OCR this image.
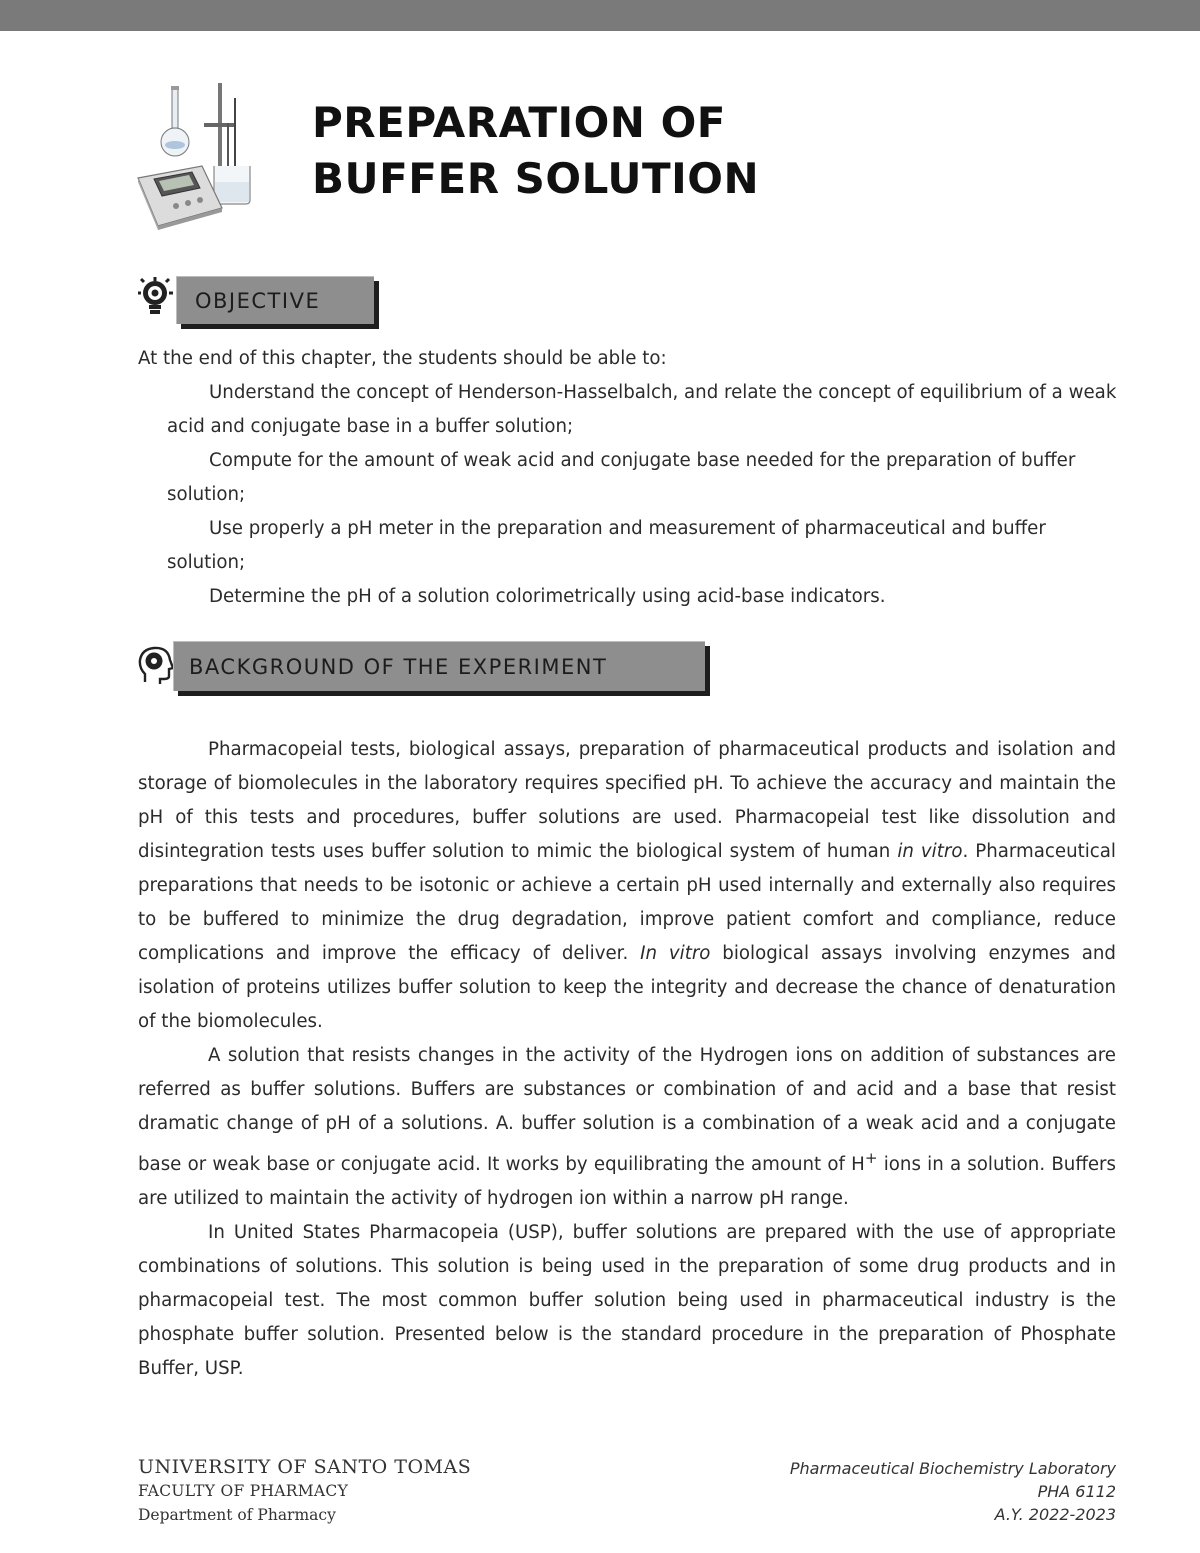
PREPARATION OF
BUFFER SOLUTION
OBJECTIVE
At the end of this chapter, the students should be able to:
Understand the concept of Henderson-Hasselbalch, and relate the concept of equilibrium of a weak acid and conjugate base in a buffer solution;
Compute for the amount of weak acid and conjugate base needed for the preparation of buffer solution;
Use properly a pH meter in the preparation and measurement of pharmaceutical and buffer solution;
Determine the pH of a solution colorimetrically using acid-base indicators.
BACKGROUND OF THE EXPERIMENT

Pharmacopeial tests, biological assays, preparation of pharmaceutical products and isolation and storage of biomolecules in the laboratory requires specified pH. To achieve the accuracy and maintain the pH of this tests and procedures, buffer solutions are used. Pharmacopeial test like dissolution and disintegration tests uses buffer solution to mimic the biological system of human in vitro. Pharmaceutical preparations that needs to be isotonic or achieve a certain pH used internally and externally also requires to be buffered to minimize the drug degradation, improve patient comfort and compliance, reduce complications and improve the efficacy of deliver. In vitro biological assays involving enzymes and isolation of proteins utilizes buffer solution to keep the integrity and decrease the chance of denaturation of the biomolecules.

A solution that resists changes in the activity of the Hydrogen ions on addition of substances are referred as buffer solutions. Buffers are substances or combination of and acid and a base that resist dramatic change of pH of a solutions. A. buffer solution is a combination of a weak acid and a conjugate base or weak base or conjugate acid. It works by equilibrating the amount of H+ ions in a solution. Buffers are utilized to maintain the activity of hydrogen ion within a narrow pH range.

In United States Pharmacopeia (USP), buffer solutions are prepared with the use of appropriate combinations of solutions. This solution is being used in the preparation of some drug products and in pharmacopeial test. The most common buffer solution being used in pharmaceutical industry is the phosphate buffer solution. Presented below is the standard procedure in the preparation of Phosphate Buffer, USP.

UNIVERSITY OF SANTO TOMAS
FACULTY OF PHARMACY
Department of Pharmacy
Pharmaceutical Biochemistry Laboratory
PHA 6112
A.Y. 2022-2023
